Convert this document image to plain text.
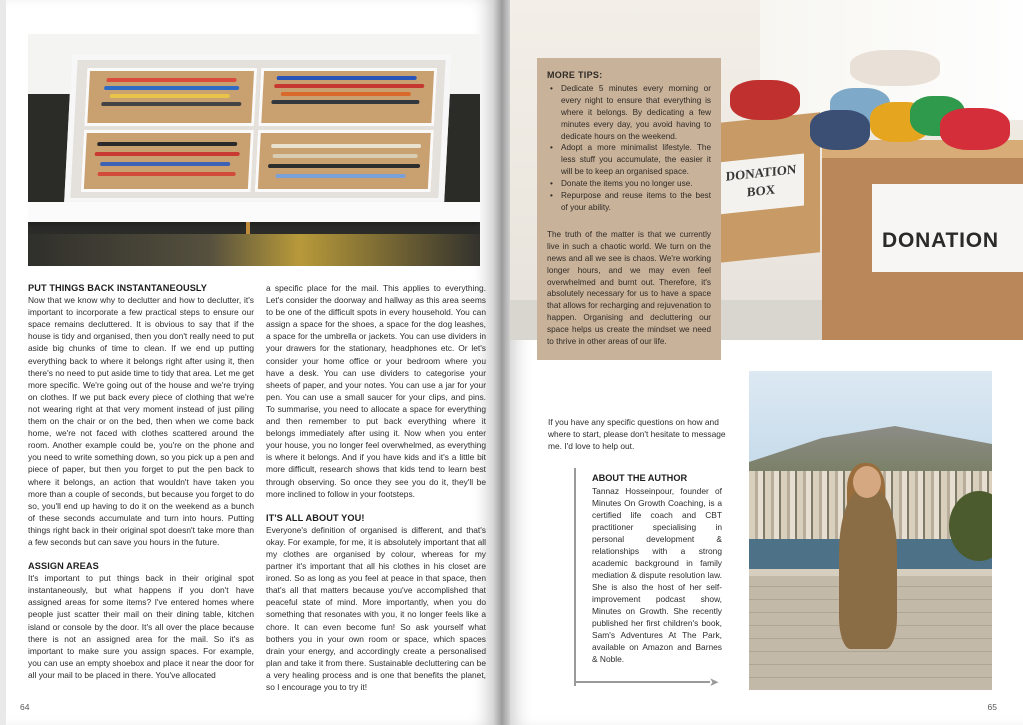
PUT THINGS BACK INSTANTANEOUSLY

Now that we know why to declutter and how to declutter, it's important to incorporate a few practical steps to ensure our space remains decluttered. It is obvious to say that if the house is tidy and organised, then you don't really need to put aside big chunks of time to clean. If we end up putting everything back to where it belongs right after using it, then there's no need to put aside time to tidy that area. Let me get more specific. We're going out of the house and we're trying on clothes. If we put back every piece of clothing that we're not wearing right at that very moment instead of just piling them on the chair or on the bed, then when we come back home, we're not faced with clothes scattered around the room. Another example could be, you're on the phone and you need to write something down, so you pick up a pen and piece of paper, but then you forget to put the pen back to where it belongs, an action that wouldn't have taken you more than a couple of seconds, but because you forget to do so, you'll end up having to do it on the weekend as a bunch of these seconds accumulate and turn into hours. Putting things right back in their original spot doesn't take more than a few seconds but can save you hours in the future.

ASSIGN AREAS

It's important to put things back in their original spot instantaneously, but what happens if you don't have assigned areas for some items? I've entered homes where people just scatter their mail on their dining table, kitchen island or console by the door. It's all over the place because there is not an assigned area for the mail. So it's as important to make sure you assign spaces. For example, you can use an empty shoebox and place it near the door for all your mail to be placed in there. You've allocated

a specific place for the mail. This applies to everything. Let's consider the doorway and hallway as this area seems to be one of the difficult spots in every household. You can assign a space for the shoes, a space for the dog leashes, a space for the umbrella or jackets. You can use dividers in your drawers for the stationary, headphones etc. Or let's consider your home office or your bedroom where you have a desk. You can use dividers to categorise your sheets of paper, and your notes. You can use a jar for your pen. You can use a small saucer for your clips, and pins. To summarise, you need to allocate a space for everything and then remember to put back everything where it belongs immediately after using it. Now when you enter your house, you no longer feel overwhelmed, as everything is where it belongs. And if you have kids and it's a little bit more difficult, research shows that kids tend to learn best through observing. So once they see you do it, they'll be more inclined to follow in your footsteps.

IT'S ALL ABOUT YOU!

Everyone's definition of organised is different, and that's okay. For example, for me, it is absolutely important that all my clothes are organised by colour, whereas for my partner it's important that all his clothes in his closet are ironed. So as long as you feel at peace in that space, then that's all that matters because you've accomplished that peaceful state of mind. More importantly, when you do something that resonates with you, it no longer feels like a chore. It can even become fun! So ask yourself what bothers you in your own room or space, which spaces drain your energy, and accordingly create a personalised plan and take it from there. Sustainable decluttering can be a very healing process and is one that benefits the planet, so I encourage you to try it!

64
DONATION BOX
DONATION

MORE TIPS:

• Dedicate 5 minutes every morning or every night to ensure that everything is where it belongs. By dedicating a few minutes every day, you avoid having to dedicate hours on the weekend.
• Adopt a more minimalist lifestyle. The less stuff you accumulate, the easier it will be to keep an organised space.
• Donate the items you no longer use.
• Repurpose and reuse items to the best of your ability.

The truth of the matter is that we currently live in such a chaotic world. We turn on the news and all we see is chaos. We're working longer hours, and we may even feel overwhelmed and burnt out. Therefore, it's absolutely necessary for us to have a space that allows for recharging and rejuvenation to happen. Organising and decluttering our space helps us create the mindset we need to thrive in other areas of our life.

If you have any specific questions on how and where to start, please don't hesitate to message me. I'd love to help out.

➤

ABOUT THE AUTHOR

Tannaz Hosseinpour, founder of Minutes On Growth Coaching, is a certified life coach and CBT practitioner specialising in personal development & relationships with a strong academic background in family mediation & dispute resolution law. She is also the host of her self-improvement podcast show, Minutes on Growth. She recently published her first children's book, Sam's Adventures At The Park, available on Amazon and Barnes & Noble.

65
